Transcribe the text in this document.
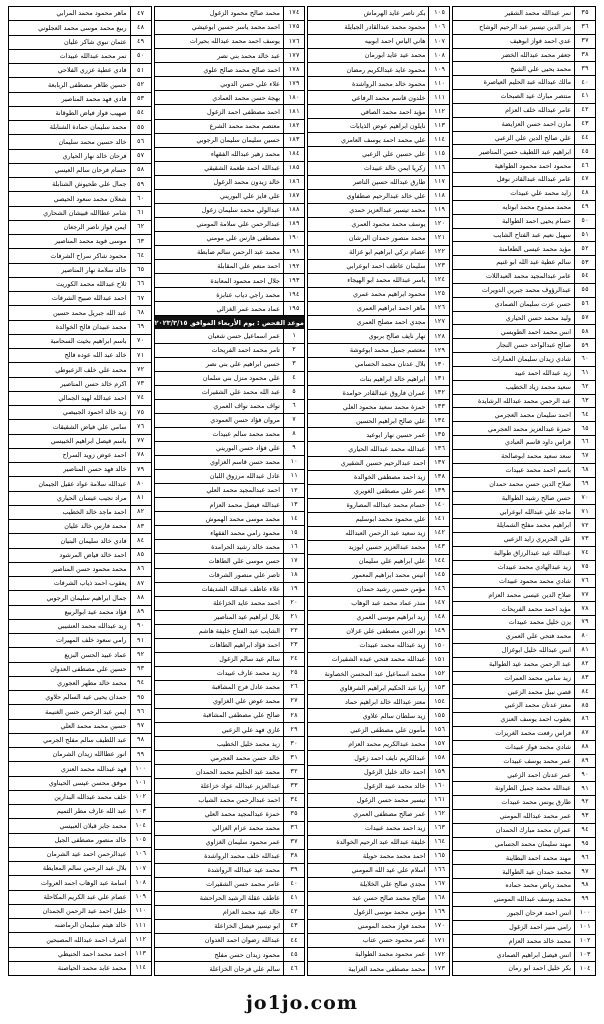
٣٥
نمر عبدالله محمد الشقير
٣٦
بدر الدين تيسير عبد الرحيم الوشاح
٣٧
عدي احمد فواز ابوهيف
٣٨
جعفر محمد عبدالله الخضر
٣٩
محمد يحيى علي الشيخ
٤٠
مالك عبدالله عبد الحليم العياصرة
٤١
منتصر مبارك عيد الصبحات
٤٢
عامر عبدالله خلف العزام
٤٣
مازن احمد حسن العزايضة
٤٤
علي صالح الدين علي الزعبي
٤٥
ابراهيم عبد اللطيف حسن المناصير
٤٦
محمود احمد محمود الطواهية
٤٧
عامر عبدالله عبدالقادر نوفل
٤٨
زايد محمد علي عبيدات
٤٩
محمد ممدوح محمد ابوتايه
٥٠
حسام يحيى احمد الطوالبة
٥١
سهيل نعيم عبد الفتاح الشايب
٥٢
مؤيد محمد عيسى الطعامنة
٥٣
سالم عطية عبد الله ابو غنيم
٥٤
عامر عبدالمجيد محمد العبداللات
٥٥
عبدالرؤوف محمد جبرين الدويرات
٥٦
حسن عزت سليمان الصمادي
٥٧
وليد محمد حسن الحياري
٥٨
انس محمد احمد الطويسي
٥٩
صالح عبدالواحد حسن النجار
٦٠
شادي زيدان سليمان العمارات
٦١
زيد عبدالله احمد عبيد
٦٢
سعيد محمد زياد الخطيب
٦٣
عبد الرحمن محمد عبدالله الرشايدة
٦٤
احمد سليمان محمد العجرمي
٦٥
حمزة عبدالعزيز محمد العجرمي
٦٦
فراس داود قاسم العبادي
٦٧
سعد سعيد محمد ابوصالحة
٦٨
باسم احمد محمد عبيدات
٦٩
صلاح الدين حسن محمد حمدان
٧٠
حسن صالح رشيد الطوالبة
٧١
ماجد علي عبدالله ابوعرابي
٧٢
ابراهيم محمد مفلح الشمايلة
٧٣
علي الحريري زايد الزعبي
٧٤
عبدالله عيد عبدالرزاق طوالبة
٧٥
زيد عبدالهادي محمد عبيدات
٧٦
شادي محمد محمود عبيدات
٧٧
صلاح الدين عيسى محمد العزام
٧٨
مؤيد احمد محمد الفريحات
٧٩
يزن خليل محمد عبيدات
٨٠
محمد فتحي علي العمري
٨١
انس عبدالله خليل ابوغزال
٨٢
عبد الرحمن محمد عيد الطوالبة
٨٣
زيد سامي محمد العمرات
٨٤
قصي نبيل محمد الزعبي
٨٥
معتز عدنان محمد الزعبي
٨٦
يعقوب احمد يوسف العنزي
٨٧
فراس رفعت محمد الغريزات
٨٨
شادي محمد فواز عبيدات
٨٩
عمر محمد يوسف عبيدات
٩٠
عمر عدنان احمد الزعبي
٩١
عبدالله محمد جميل الطراونة
٩٢
طارق يونس محمد عبيدات
٩٣
عمر محمد عبدالله المومني
٩٤
عمران محمد مبارك الحمدان
٩٥
مهند سليمان محمد الحسامي
٩٦
مهند محمد احمد البطاينة
٩٧
محمد حمدان عيد الطوالبة
٩٨
محمد رياض محمد حماده
٩٩
محمد يوسف عبدالله المومني
١٠٠
انس احمد فرحان الجبور
١٠١
رامي منير احمد الزغول
١٠٢
محمد خالد محمد العزام
١٠٣
انس فيصل ابراهيم الصمادي
١٠٤
بكر خليل احمد ابو رمان
١٠٥
بكر ناصر عايد الهرماش
١٠٦
محمود محمد عبدالقادر الجبايلة
١٠٧
هاني الياس احمد ابوبيه
١٠٨
محمد عيد عايد ابورمان
١٠٩
محمود عايد عبدالكريم رمضان
١١٠
محمود خالد محمد الرواشدة
١١١
خلدون قاسم محمد الرفاعي
١١٢
مؤيد احمد محمد الصافي
١١٣
نايلون ابراهيم عوض الذيابات
١١٤
علي محمد احمد يوسف العامري
١١٥
علي حسين علي الزعبي
١١٦
زكريا ايمن خالد عبيدات
١١٧
طارق عبدالله حسين الناصر
١١٨
علي خالد عبدالرحيم صطفاوي
١١٩
محمد تيسير عبدالعزيز حمدي
١٢٠
يوسف محمد محمود العمري
١٢١
محمد منصور حمدان البرشان
١٢٢
عصام تركي ابراهيم ابو غزالة
١٢٣
سليمان عاطف احمد ابوعرابي
١٢٤
ياسر عبدالله محمد ابو الهيجاء
١٢٥
محمود ابراهيم محمد عمري
١٢٦
ماهر احمد ابراهيم العمري
١٢٧
مجدي احمد مصلح العمري
١٢٨
نهار نايف صالح بربوي
١٢٩
معتصم جميل محمد ابوغوشة
١٣٠
بلال عدنان محمد الحسامي
١٣١
ابراهيم خالد ابراهيم بنات
١٣٢
عمران فاروق عبدالقادر حوامدة
١٣٣
حمزة محمد سعيد محمود العلي
١٣٤
علي صالح ابراهيم الحسين
١٣٥
عمر حسين نهار ابوعيد
١٣٦
عبدالله محمد عبدالله الحياري
١٣٧
احمد عبدالرحيم حسين الشقيري
١٣٨
زيد احمد مصطفى الخوالدة
١٣٩
عمر علي مصطفى الغويري
١٤٠
حسام محمد عبدالله المصاروة
١٤١
علي محمود محمد ابوسليم
١٤٢
زيد سعيد عبد الرحمن العبدالله
١٤٣
محمد عبدالعزيز حسين ابوزيد
١٤٤
علي ابراهيم علي سليمان
١٤٥
انيس محمد ابراهيم المعمور
١٤٦
مؤمن حسين رشيد حمدان
١٤٧
منذر عماد محمد عبد الوهاب
١٤٨
زيد ابراهيم موسى العمري
١٤٩
نور الدين مصطفى علي غزلان
١٥٠
زيد عبدالله محمد عبيدات
١٥١
عبدالله محمد فتحي عيده الشقيرات
١٥٢
محمد اسماعيل عبد المحسن الخصاونة
١٥٣
زيا عبد الحكيم ابراهيم الشرقاوي
١٥٤
معتز عبدالله خالد ابراهيم حماد
١٥٥
زيد سلطان سالم علاوي
١٥٦
مأمون علي مصطفى الزعبي
١٥٧
محمد عبدالكريم محمد العزام
١٥٨
عبدالكريم نايف احمد زغول
١٥٩
احمد خالد خليل الزغول
١٦٠
خالد محمد عبيد الزغول
١٦١
تيسير محمد حسن الزغول
١٦٢
عمر صالح مصطفى العمري
١٦٣
زيد احمد محمد عبيدات
١٦٤
خليفة عبدالله عبد الرحيم الخوالدة
١٦٥
احمد محمد محمد حويلة
١٦٦
اسلام علي عيد الله المومني
١٦٧
مجدي صالح علي الخلايلة
١٦٨
صالح محمد صالح حسن عيد
١٦٩
مؤمن محمد موسى الزغول
١٧٠
محمد فواز محمد المومني
١٧١
عمر محمود حسن عتاب
١٧٢
عمر محمود محمد الطوالبة
١٧٣
محمد مصطفى محمد الغزايبة
١٧٤
محمد صالح محمود الزغول
١٧٥
احمد محمد ياسر حسين ابوعيشي
١٧٦
يوسف احمد محمد عبدالله بحيرات
١٧٧
عبد خالد محمد بني نصر
١٧٨
احمد صالح محمد صالح علوي
١٧٩
علاء علي حسن الدوبي
١٨٠
بهجة حسن محمد العمادي
١٨١
احمد مصطفى احمد الزغول
١٨٢
معتصم محمد محمد الشرع
١٨٣
حسين سليمان سليمان الرجوبي
١٨٤
محمد زهير عبدالله الفقهاء
١٨٥
عبدالله احمد طعمة الشقيقي
١٨٦
خالد زيدون محمد الزغول
١٨٧
علي فايز علي البوريني
١٨٨
عبدالولي محمد سليمان زغول
١٨٩
عبدالرحمن علي سلامة المومني
١٩٠
مصطفى فارس علي مومني
١٩١
محمد عبد الرحمن سالم صابطة
١٩٢
احمد منعم علي المقابلة
١٩٣
جلال احمد محمود المعابدة
١٩٤
محمد راجي دياب عنابزة
١٩٥
عماد محمد عمر الغزالي
موعد الفحص : يوم الأربعاء الموافق ٢٠٢٣/٣/١٥
١
عمر اسماعيل حسن شعبان
٢
تامر محمد احمد الفريحات
٣
حسين ابراهيم علي بني نصر
٤
علي محمود منزل بني سلمان
٥
عبد الله محمد علي الشقيرات
٦
نواف محمد نواف العمري
٧
مروان فؤاد حسن العمودي
٨
محمد محمد سالم عبيدات
٩
علي فؤاد حسن البوريني
١٠
محمد حسن قاسم الغزاوي
١١
عادل عبدالله مرزوق اللبان
١٢
احمد عبدالمجيد محمد العلي
١٣
عبدالله فيصل محمد العزام
١٤
محمد موسى محمد الهموش
١٥
محمود رامي محمد الفقهاء
١٦
محمد خالد رشيد الحرامدة
١٧
حسن موسى علي الطاهات
١٨
تاصر علي منصور الشرقات
١٩
علاء عاطف عبدالله الشديفات
٢٠
احمد محمد عايد الخزاعلة
٢١
بلال ابراهيم عيد المناصير
٢٢
الشايب عبد الفتاح خليفة هاشم
٢٣
احمد فؤاد ابراهيم الطاهات
٢٤
سالم عيد سالم الزغول
٢٥
زيد محمد عارف عبيدات
٢٦
محمد عادل فرج المشاقبة
٢٧
محمد عوض علي الغزاوي
٢٨
صالح علي مصطفى المشاقبة
٢٩
غازي فهد علي الزعبي
٣٠
زيد محمد خليل الخطيب
٣١
خالد حسن محمد العجرمي
٣٢
محمد عبد الحليم محمد الحمدان
٣٣
عبدالعزيز عبدالله عواد خزاعلة
٣٤
احمد عبدالرحمن محمد الشياب
٣٥
حمزة عبدالمجيد محمد العلي
٣٦
محمد محمد عزام الغزالي
٣٧
عمر محمود سليمان الغزاوي
٣٨
عبدالله خلف محمد الرواشدة
٣٩
محمد عيد عبدالله الرواشدة
٤٠
عامر محمد حسن الشقيرات
٤١
عاطف عقلة الرشيد الحراحشة
٤٢
خالد عيد محمد العزام
٤٣
ابو تيسير فيصل الخزاعلة
٤٤
عبدالله رضوان احمد العدوان
٤٥
محمود زيدان حسن مفلح
٤٦
سالم علي فرحان الخزاعلة
٤٧
ماهر محمود محمد المرابي
٤٨
ربيع محمد موسى محمد العجلوني
٤٩
عثمان نبوي شاكر عليان
٥٠
نمر محمد عبدالله عبيدات
٥١
فادي عطية عزري الفلاحي
٥٢
حسين طاهر مصطفى الربابعة
٥٣
فادي فهد محمد المناصير
٥٤
صهيب فواز فياض الطوقانة
٥٥
محمد سليمان حمادة الشنابلة
٥٦
خالد حسين محمد سليمان
٥٧
فرحان خالد نهار الحياري
٥٨
حسام فرحان سالم العيسي
٥٩
جمال علي طحيوش الشنابلة
٦٠
شعلان محمد سعود الحيصي
٦١
شامر عطاالله قبيشان الشحاري
٦٢
ايمن فواز ناصر الرجعان
٦٣
موسى فويد محمد المناصير
٦٤
محمود شاكر سراح الشرفات
٦٥
خالد سلامة نهار المناصير
٦٦
ثلاح عبدالله محمد الكوريت
٦٧
احمد عبدالله صبيح الشرفات
٦٨
عبد الله جبريل محمد حسين
٦٩
محمد عبيدان فالح الخوالدة
٧٠
باسم ابراهيم بخيت السحامبة
٧١
خالد عبد الله عوده فالح
٧٢
محمد علي خلف الزعبوطي
٧٣
اكرم خالد حسن المناصير
٧٤
احمد عبدالله لهيد الجمالي
٧٥
زيد خالد احمود الجبيصي
٧٦
سامي علي فياض الشقيقات
٧٧
باسم فيصل ابراهيم الخبيسي
٧٨
احمد عوض زويد السراح
٧٩
خالد فهد حسن المناصير
٨٠
عبدالله سلامة عواد عقيل الجيمان
٨١
مراد نجيب عيسان الحياري
٨٢
احمد ماجد خالد الخطيب
٨٣
محمد فارس خالد عليان
٨٤
فادي خالد سليمان البنيان
٨٥
احمد خالد فياض المرشود
٨٦
محمد محمود حسن المناصير
٨٧
يعقوب احمد ذياب الشرفات
٨٨
جمال ابراهيم سليمان الرجوبي
٨٩
فؤاد محمد عيد ابوالربيع
٩٠
زيد عبدالله محمد العشيبي
٩١
رامي سعود خلف المهيرات
٩٢
عماد عبيد الحسن البزيع
٩٣
حسين علي مصطفى العدوان
٩٤
محمد خالد مطهر العجوري
٩٥
حمدان يحيى عيد السالم حلاوي
٩٦
ايمن عبد الرحمن حسن الغنيمة
٩٧
حسين محمد محمد العلي
٩٨
عبد اللطيف سالم مفلح الجرمي
٩٩
انور عطاالله زيدان الشرمان
١٠٠
فهد عبدالله محمد العنزي
١٠١
موفق محسن عيسى الحيناوي
١٠٢
خلف محمد عبدالله البدارين
١٠٣
عبد الله عارف مطر التميم
١٠٤
محمد جابر قبلان العبيسي
١٠٥
خالد منصور مصطفى الجيل
١٠٦
عبدالرحمن احمد عيد الشرمان
١٠٧
بلال عبد الرحمن سالم المعايطة
١٠٨
اسامة عبد الوهاب احمد العروات
١٠٩
عصام علي عبد الكريم المكاحلة
١١٠
خليل احمد عيد الرحمن الحمدان
١١١
خالد هيثم سليمان الرماضنه
١١٢
اشرف احمد عبدالله المصبحين
١١٣
احمد محمد احمد الحنيظي
١١٤
محمد عابد محمد الحياصنة
jo1jo.com
